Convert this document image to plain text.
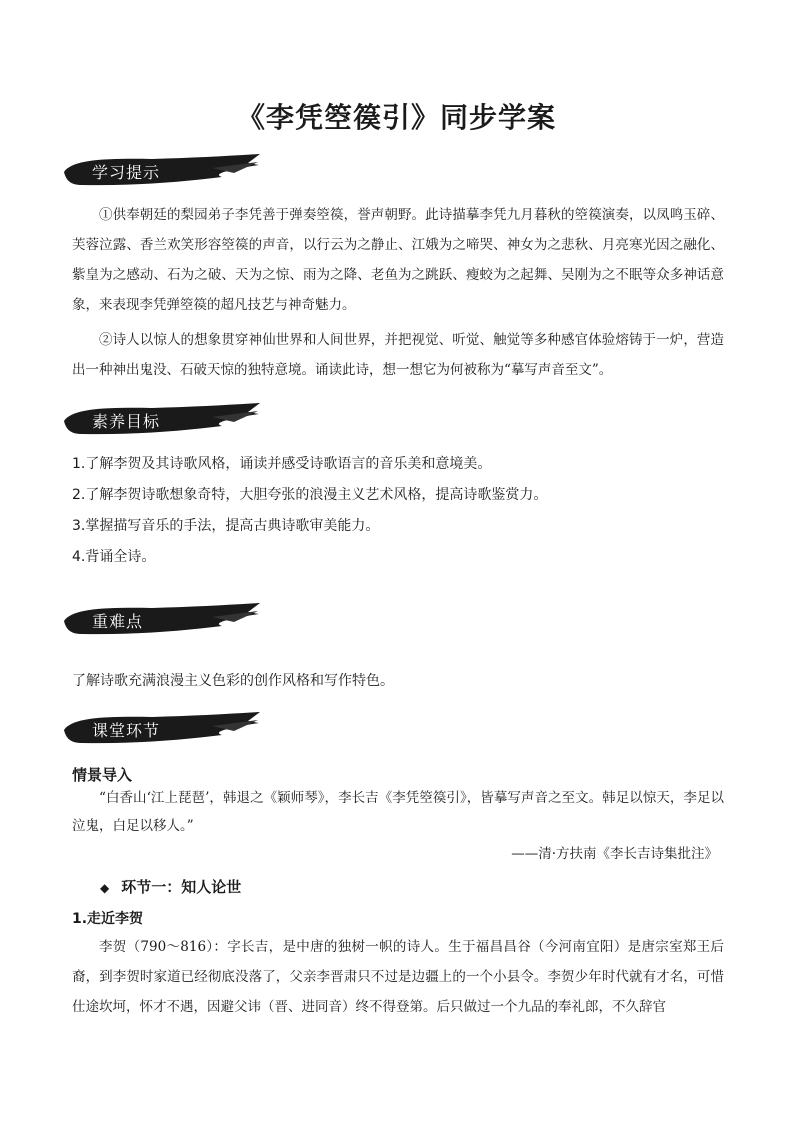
《李凭箜篌引》同步学案
学习提示
①供奉朝廷的梨园弟子李凭善于弹奏箜篌，誉声朝野。此诗描摹李凭九月暮秋的箜篌演奏，以凤鸣玉碎、芙蓉泣露、香兰欢笑形容箜篌的声音，以行云为之静止、江娥为之啼哭、神女为之悲秋、月亮寒光因之融化、紫皇为之感动、石为之破、天为之惊、雨为之降、老鱼为之跳跃、瘦蛟为之起舞、吴刚为之不眠等众多神话意象，来表现李凭弹箜篌的超凡技艺与神奇魅力。
②诗人以惊人的想象贯穿神仙世界和人间世界，并把视觉、听觉、触觉等多种感官体验熔铸于一炉，营造出一种神出鬼没、石破天惊的独特意境。诵读此诗，想一想它为何被称为“摹写声音至文”。
素养目标
1.了解李贺及其诗歌风格，诵读并感受诗歌语言的音乐美和意境美。
2.了解李贺诗歌想象奇特，大胆夸张的浪漫主义艺术风格，提高诗歌鉴赏力。
3.掌握描写音乐的手法，提高古典诗歌审美能力。
4.背诵全诗。
重难点
了解诗歌充满浪漫主义色彩的创作风格和写作特色。
课堂环节
情景导入
“白香山‘江上琵琶’，韩退之《颖师琴》，李长吉《李凭箜篌引》，皆摹写声音之至文。韩足以惊天，李足以泣鬼，白足以移人。”
——清·方扶南《李长吉诗集批注》
◆ 环节一：知人论世
1.走近李贺
李贺（790～816）：字长吉，是中唐的独树一帜的诗人。生于福昌昌谷（今河南宜阳）是唐宗室郑王后裔，到李贺时家道已经彻底没落了，父亲李晋肃只不过是边疆上的一个小县令。李贺少年时代就有才名，可惜仕途坎坷，怀才不遇，因避父讳（晋、进同音）终不得登第。后只做过一个九品的奉礼郎，不久辞官
